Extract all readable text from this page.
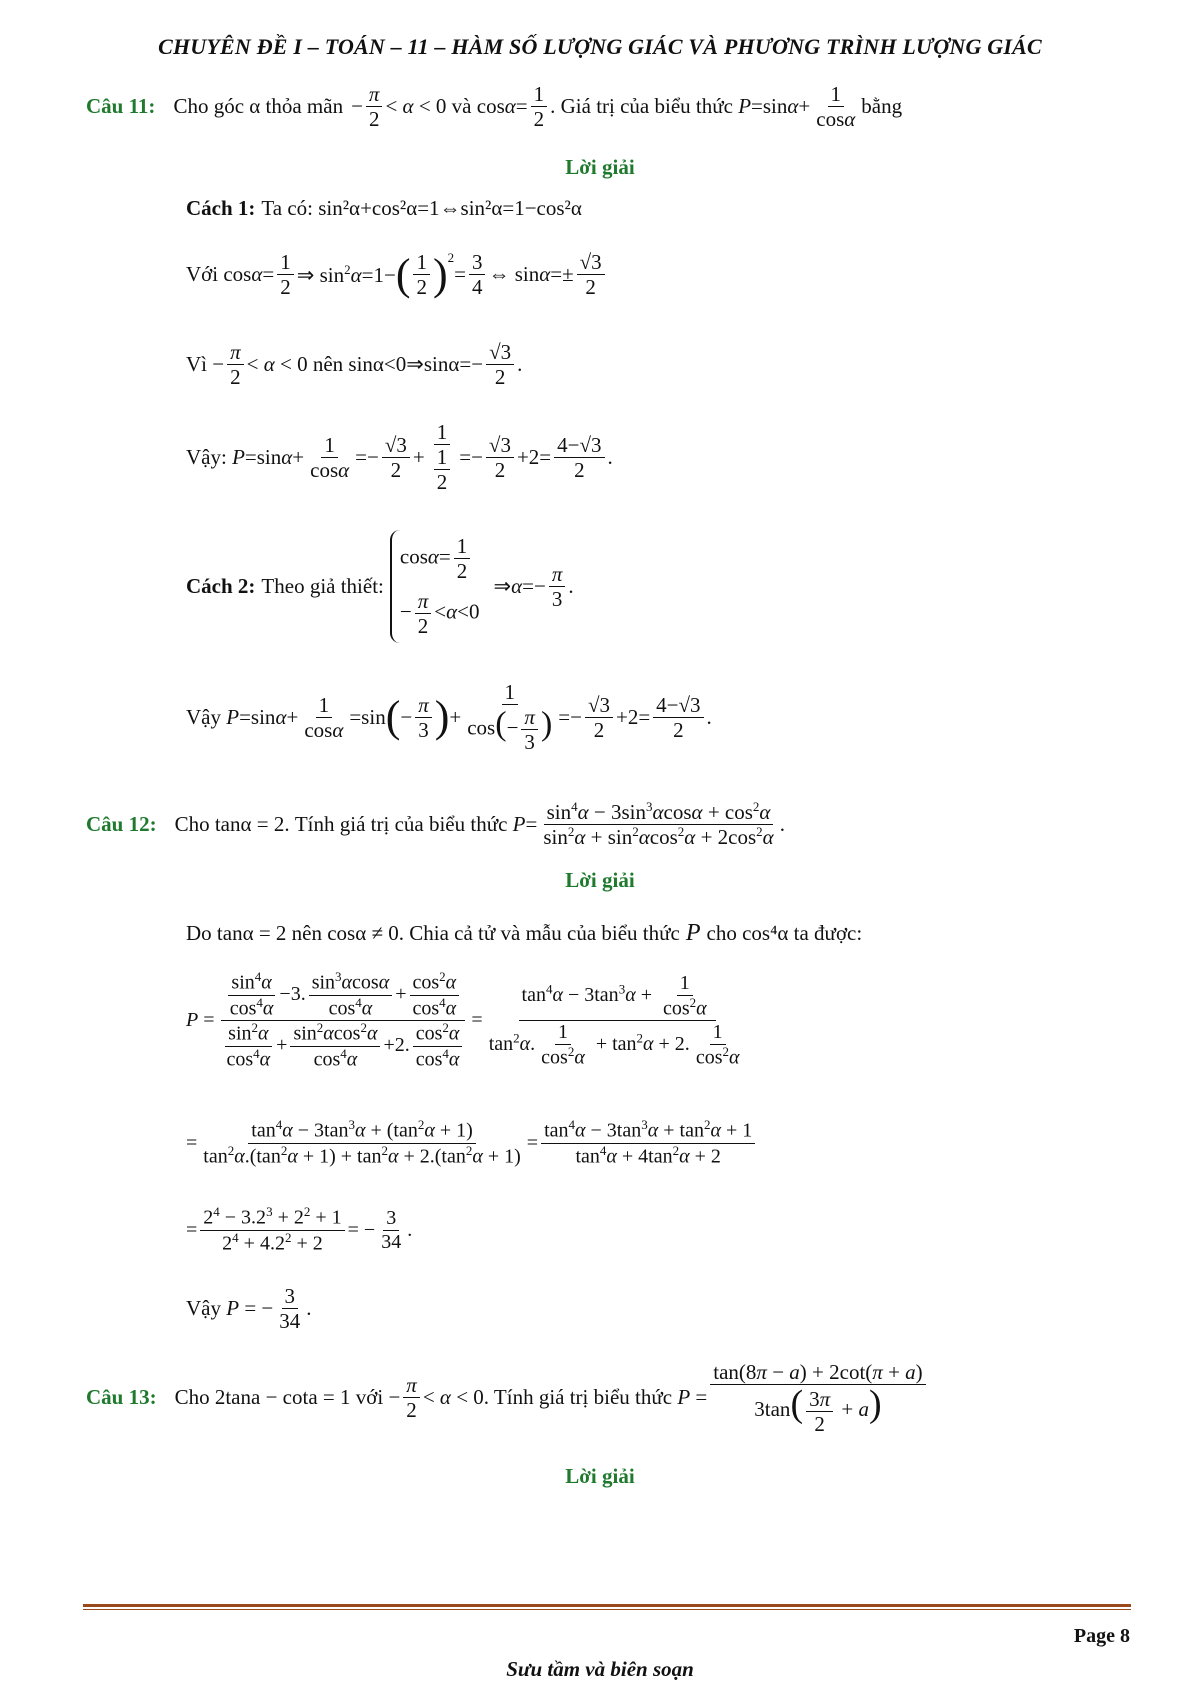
CHUYÊN ĐỀ I – TOÁN – 11 – HÀM SỐ LƯỢNG GIÁC VÀ PHƯƠNG TRÌNH LƯỢNG GIÁC
Câu 11: Cho góc α thỏa mãn − $\frac{\pi}{2} < \alpha < 0$ và $\cos\alpha= \frac{1}{2}$ . Giá trị của biểu thức $P=\sin\alpha+ \frac{1}{\cos\alpha}$ bằng
Lời giải
Cách 1: Ta có: sin²α+cos²α=1⇔sin²α=1−cos²α
Với $\cos\alpha= \frac{1}{2}$ ⇒ $\sin^2\alpha=1-$ ( $\frac{1}{2} )^2$
= $\frac{3}{4}$ ⇔ $\sin\alpha=\pm \frac{√3}{2}$
Vì − $\frac{\pi}{2} < \alpha < 0$ nên sinα<0⇒sinα=− $\frac{√3}{2}$ .
Vậy: $P=\sin\alpha+ \frac{1}{\cos\alpha} =- \frac{√3}{2} + \frac{1}{\frac{1}{2}} =- \frac{√3}{2} +2= \frac{4-√3}{2}$ .
Cách 2: Theo giả thiết:
$\cos\alpha= \frac{1}{2}$
− $\frac{\pi}{2} <\alpha<0$
⇒α=− $\frac{\pi}{3}$ .
Vậy $P=\sin\alpha+ \frac{1}{\cos\alpha} =\sin$ ( − $\frac{\pi}{3}$ ) + $\frac{1}{\cos(- \frac{\pi}{3} )} =- \frac{√3}{2} +2= \frac{4-√3}{2}$ .
Câu 12: Cho tanα = 2. Tính giá trị của biểu thức $P= \frac{\sin^4\alpha - 3\sin^3\alpha\cos\alpha + \cos^2\alpha}{\sin^2\alpha + \sin^2\alpha\cos^2\alpha + 2\cos^2\alpha}$ .
Lời giải
Do tanα = 2 nên cosα ≠ 0. Chia cả tử và mẫu của biểu thức P cho cos⁴α ta được:
$P = \frac{\frac{\sin^4\alpha}{\cos^4\alpha} -3. \frac{\sin^3\alpha\cos\alpha}{\cos^4\alpha} + \frac{\cos^2\alpha}{\cos^4\alpha}}{\frac{\sin^2\alpha}{\cos^4\alpha} + \frac{\sin^2\alpha\cos^2\alpha}{\cos^4\alpha} +2. \frac{\cos^2\alpha}{\cos^4\alpha}} = \frac{\tan^4\alpha - 3\tan^3\alpha + \frac{1}{\cos^2\alpha}}{\tan^2\alpha. \frac{1}{\cos^2\alpha} + \tan^2\alpha + 2. \frac{1}{\cos^2\alpha}}$
= $\frac{\tan^4\alpha - 3\tan^3\alpha + (\tan^2\alpha + 1)}{\tan^2\alpha.(\tan^2\alpha + 1) + \tan^2\alpha + 2.(\tan^2\alpha + 1)} = \frac{\tan^4\alpha - 3\tan^3\alpha + \tan^2\alpha + 1}{\tan^4\alpha + 4\tan^2\alpha + 2}$
= $\frac{2^4 - 3.2^3 + 2^2 + 1}{2^4 + 4.2^2 + 2}$ = − $\frac{3}{34}$ .
Vậy P = − $\frac{3}{34}$ .
Câu 13: Cho 2tana − cota = 1 với − $\frac{\pi}{2} < \alpha < 0$ . Tính giá trị biểu thức $P = \frac{\tan(8\pi - a) + 2\cot(\pi + a)}{3\tan( \frac{3\pi}{2} + a)}$
Lời giải
Page 8
Sưu tầm và biên soạn
